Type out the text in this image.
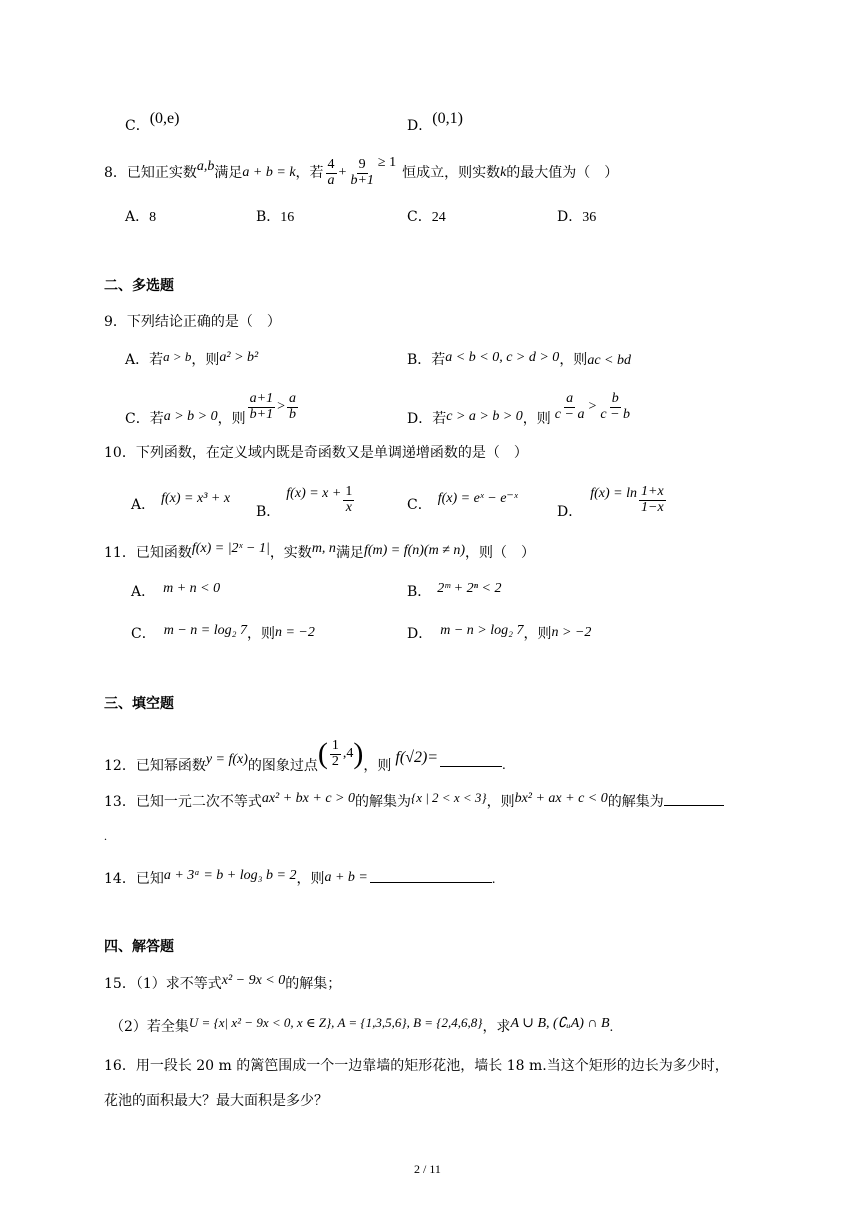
C．(0,e)	D．(0,1)
8．已知正实数 a,b 满足 a + b = k ，若 $\frac{4}{a} + \frac{9}{b+1} \ge 1$
恒成立，则实数 k 的最大值为（　）
A．8	B．16	C．24	D．36
二、多选题
9．下列结论正确的是（　）
A．若a > b，则a² > b²	B．若a < b < 0, c > d > 0，则ac < bd
C．若 a > b > 0 ，则 $\frac{a+1}{b+1} > \frac{a}{b}$	D．若 c > a > b > 0 ，则 $\frac{a}{c - a} > \frac{b}{c - b}$
10．下列函数，在定义域内既是奇函数又是单调递增函数的是（　）
A． f(x) = x³ + x
B．
$f(x) = x + \frac{1}{x}$	C． f(x) = eˣ − e⁻ˣ
D．
$f(x) = \ln \frac{1+x}{1-x}$
11．已知函数f(x) = |2ˣ − 1|，实数m, n满足f(m) = f(n)(m ≠ n)，则（　）
A． m + n < 0	B． 2ᵐ + 2ⁿ < 2
C． m − n = log₂ 7，则n = −2	D． m − n > log₂ 7，则n > −2
三、填空题
12．已知幂函数 y = f(x) 的图象过点 ( $\frac{1}{2}$ , 4 ) ，则 f(√2)=	.
13．已知一元二次不等式ax² + bx + c > 0的解集为{x | 2 < x < 3}，则bx² + ax + c < 0的解集为
.
14．已知a + 3ᵃ = b + log₃ b = 2，则a + b =	.
四、解答题
15．（1）求不等式x² − 9x < 0的解集；
（2）若全集U = {x| x² − 9x < 0, x ∈ Z}, A = {1,3,5,6}, B = {2,4,6,8}，求A ∪ B, (∁ᵤA) ∩ B.
16．用一段长 20 m 的篱笆围成一个一边靠墙的矩形花池，墙长 18 m.当这个矩形的边长为多少时，
花池的面积最大？最大面积是多少？
2 / 11
